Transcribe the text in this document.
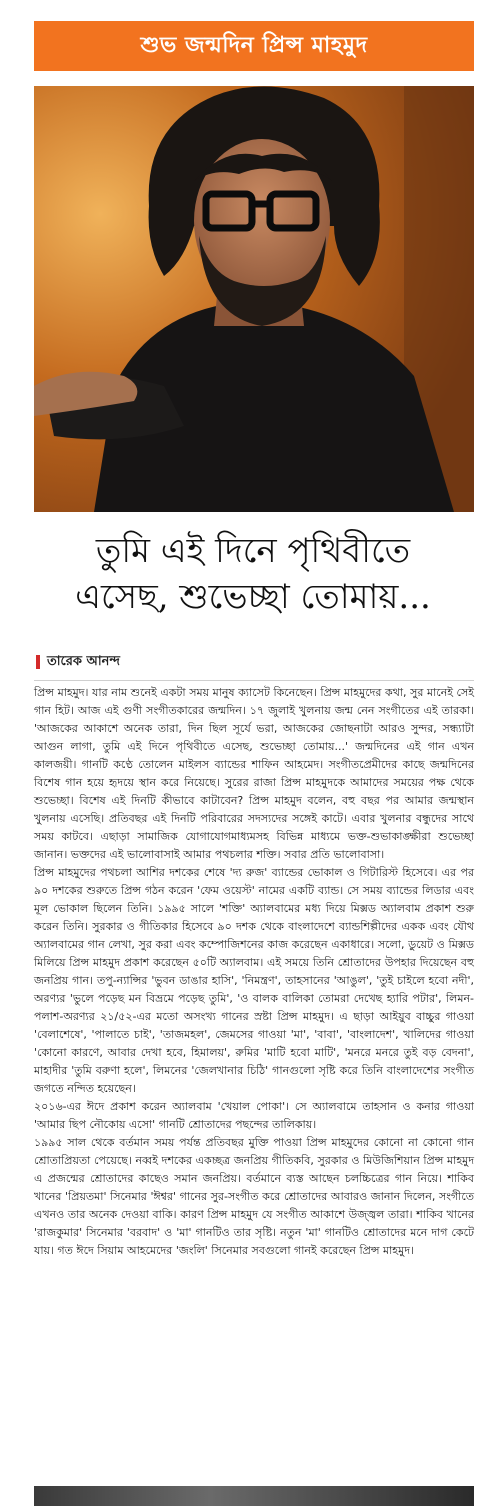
শুভ জন্মদিন প্রিন্স মাহমুদ
তুমি এই দিনে পৃথিবীতে
এসেছ, শুভেচ্ছা তোমায়...
তারেক আনন্দ

প্রিন্স মাহমুদ। যার নাম শুনেই একটা সময় মানুষ ক্যাসেট কিনেছেন। প্রিন্স মাহমুদের কথা, সুর মানেই সেই গান হিট। আজ এই গুণী সংগীতকারের জন্মদিন। ১৭ জুলাই খুলনায় জন্ম নেন সংগীতের এই তারকা। 'আজকের আকাশে অনেক তারা, দিন ছিল সূর্যে ভরা, আজকের জোছনাটা আরও সুন্দর, সন্ধ্যাটা আগুন লাগা, তুমি এই দিনে পৃথিবীতে এসেছ, শুভেচ্ছা তোমায়...' জন্মদিনের এই গান এখন কালজয়ী। গানটি কণ্ঠে তোলেন মাইলস ব্যান্ডের শাফিন আহমেদ। সংগীতপ্রেমীদের কাছে জন্মদিনের বিশেষ গান হয়ে হৃদয়ে স্থান করে নিয়েছে। সুরের রাজা প্রিন্স মাহমুদকে আমাদের সময়ের পক্ষ থেকে শুভেচ্ছা। বিশেষ এই দিনটি কীভাবে কাটাবেন? প্রিন্স মাহমুদ বলেন, বহু বছর পর আমার জন্মস্থান খুলনায় এসেছি। প্রতিবছর এই দিনটি পরিবারের সদস্যদের সঙ্গেই কাটে। এবার খুলনার বন্ধুদের সাথে সময় কাটবে। এছাড়া সামাজিক যোগাযোগমাধ্যমসহ বিভিন্ন মাধ্যমে ভক্ত-শুভাকাঙ্ক্ষীরা শুভেচ্ছা জানান। ভক্তদের এই ভালোবাসাই আমার পথচলার শক্তি। সবার প্রতি ভালোবাসা।

প্রিন্স মাহমুদের পথচলা আশির দশকের শেষে 'দ্য রুজ' ব্যান্ডের ভোকাল ও গিটারিস্ট হিসেবে। এর পর ৯০ দশকের শুরুতে প্রিন্স গঠন করেন 'ফেম ওয়েস্ট' নামের একটি ব্যান্ড। সে সময় ব্যান্ডের লিডার এবং মূল ভোকাল ছিলেন তিনি। ১৯৯৫ সালে 'শক্তি' অ্যালবামের মধ্য দিয়ে মিক্সড অ্যালবাম প্রকাশ শুরু করেন তিনি। সুরকার ও গীতিকার হিসেবে ৯০ দশক থেকে বাংলাদেশে ব্যান্ডশিল্পীদের একক এবং যৌথ অ্যালবামের গান লেখা, সুর করা এবং কম্পোজিশনের কাজ করেছেন একাধারে। সলো, ডুয়েট ও মিক্সড মিলিয়ে প্রিন্স মাহমুদ প্রকাশ করেছেন ৫০টি অ্যালবাম। এই সময়ে তিনি শ্রোতাদের উপহার দিয়েছেন বহু জনপ্রিয় গান। তপু-ন্যান্সির 'ভুবন ডাঙার হাসি', 'নিমন্ত্রণ', তাহসানের 'আঙুল', 'তুই চাইলে হবো নদী', অরণ্যর 'ভুলে পড়েছ মন বিভ্রমে পড়েছ তুমি', 'ও বালক বালিকা তোমরা দেখেছ হ্যারি পটার', লিমন-পলাশ-অরণ্যর ২১/৫২-এর মতো অসংখ্য গানের স্রষ্টা প্রিন্স মাহমুদ। এ ছাড়া আইয়ুব বাচ্চুর গাওয়া 'বেলাশেষে', 'পালাতে চাই', 'তাজমহল', জেমসের গাওয়া 'মা', 'বাবা', 'বাংলাদেশ', খালিদের গাওয়া 'কোনো কারণে, আবার দেখা হবে, হিমালয়', রুমির 'মাটি হবো মাটি', 'মনরে মনরে তুই বড় বেদনা', মাহাদীর 'তুমি বরুণা হলে', লিমনের 'জেলখানার চিঠি' গানগুলো সৃষ্টি করে তিনি বাংলাদেশের সংগীত জগতে নন্দিত হয়েছেন।

২০১৬-এর ঈদে প্রকাশ করেন অ্যালবাম 'খেয়াল পোকা'। সে অ্যালবামে তাহসান ও কনার গাওয়া 'আমার ছিপ নৌকোয় এসো' গানটি শ্রোতাদের পছন্দের তালিকায়।

১৯৯৫ সাল থেকে বর্তমান সময় পর্যন্ত প্রতিবছর মুক্তি পাওয়া প্রিন্স মাহমুদের কোনো না কোনো গান শ্রোতাপ্রিয়তা পেয়েছে। নব্বই দশকের একচ্ছত্র জনপ্রিয় গীতিকবি, সুরকার ও মিউজিশিয়ান প্রিন্স মাহমুদ এ প্রজন্মের শ্রোতাদের কাছেও সমান জনপ্রিয়। বর্তমানে ব্যস্ত আছেন চলচ্চিত্রের গান নিয়ে। শাকিব খানের 'প্রিয়তমা' সিনেমার 'ঈশ্বর' গানের সুর-সংগীত করে শ্রোতাদের আবারও জানান দিলেন, সংগীতে এখনও তার অনেক দেওয়া বাকি। কারণ প্রিন্স মাহমুদ যে সংগীত আকাশে উজ্জ্বল তারা। শাকিব খানের 'রাজকুমার' সিনেমার 'বরবাদ' ও 'মা' গানটিও তার সৃষ্টি। নতুন 'মা' গানটিও শ্রোতাদের মনে দাগ কেটে যায়। গত ঈদে সিয়াম আহমেদের 'জংলি' সিনেমার সবগুলো গানই করেছেন প্রিন্স মাহমুদ।
